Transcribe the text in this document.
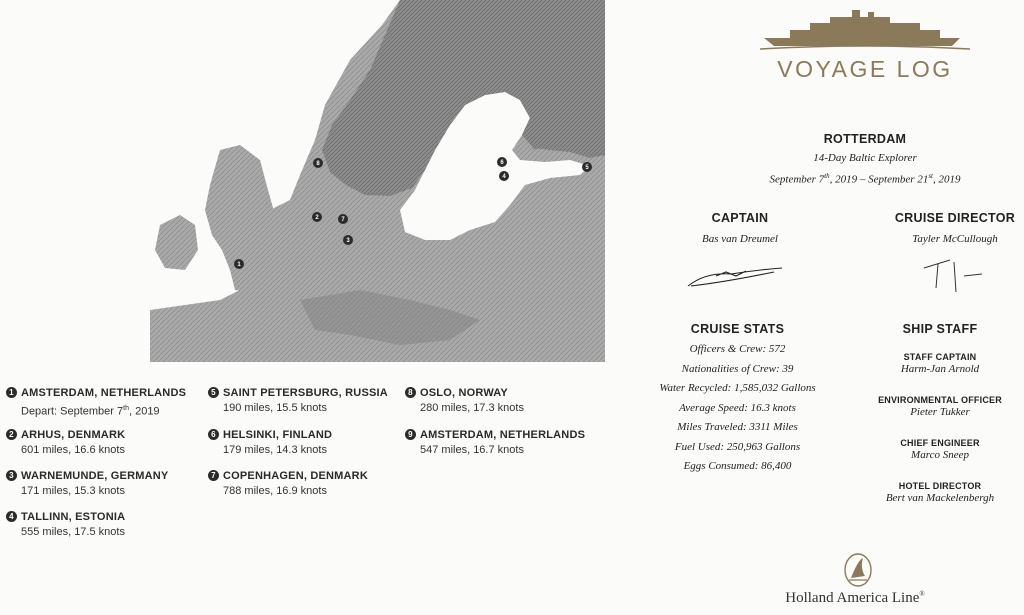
1
2
3
4
5
6
7
8
1 AMSTERDAM, NETHERLANDS
Depart: September 7th, 2019
2 ARHUS, DENMARK
601 miles, 16.6 knots
3 WARNEMUNDE, GERMANY
171 miles, 15.3 knots
4 TALLINN, ESTONIA
555 miles, 17.5 knots
5 SAINT PETERSBURG, RUSSIA
190 miles, 15.5 knots
6 HELSINKI, FINLAND
179 miles, 14.3 knots
7 COPENHAGEN, DENMARK
788 miles, 16.9 knots
8 OSLO, NORWAY
280 miles, 17.3 knots
9 AMSTERDAM, NETHERLANDS
547 miles, 16.7 knots
VOYAGE LOG
ROTTERDAM
14-Day Baltic Explorer
September 7th, 2019 – September 21st, 2019
CAPTAIN
Bas van Dreumel
CRUISE DIRECTOR
Tayler McCullough
CRUISE STATS
Officers & Crew: 572
Nationalities of Crew: 39
Water Recycled: 1,585,032 Gallons
Average Speed: 16.3 knots
Miles Traveled: 3311 Miles
Fuel Used: 250,963 Gallons
Eggs Consumed: 86,400
SHIP STAFF
STAFF CAPTAIN
Harm-Jan Arnold
ENVIRONMENTAL OFFICER
Pieter Tukker
CHIEF ENGINEER
Marco Sneep
HOTEL DIRECTOR
Bert van Mackelenbergh
Holland America Line®
